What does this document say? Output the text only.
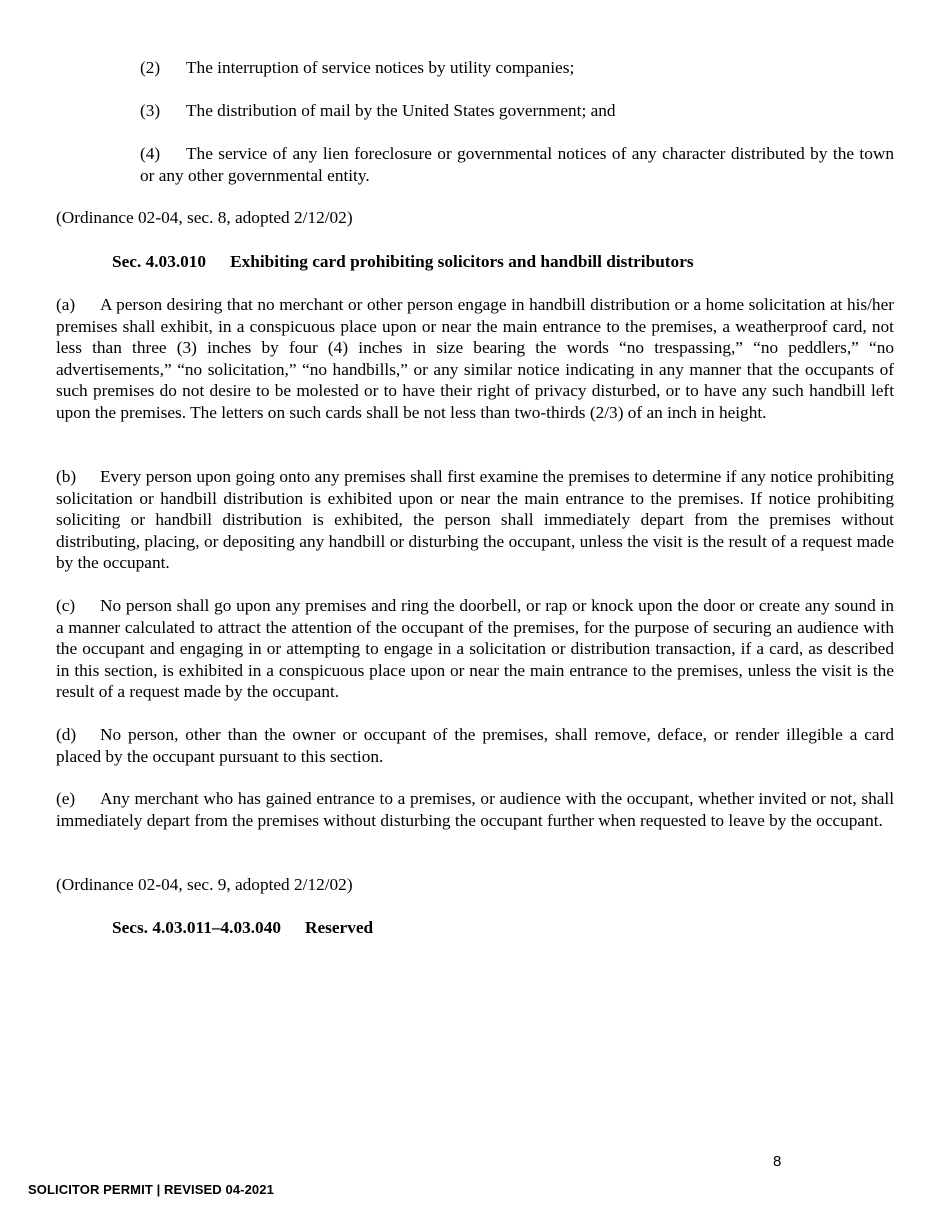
(2) The interruption of service notices by utility companies;

(3) The distribution of mail by the United States government; and

(4) The service of any lien foreclosure or governmental notices of any character distributed by the town or any other governmental entity.

(Ordinance 02-04, sec. 8, adopted 2/12/02)

Sec. 4.03.010 Exhibiting card prohibiting solicitors and handbill distributors

(a) A person desiring that no merchant or other person engage in handbill distribution or a home solicitation at his/her premises shall exhibit, in a conspicuous place upon or near the main entrance to the premises, a weatherproof card, not less than three (3) inches by four (4) inches in size bearing the words “no trespassing,” “no peddlers,” “no advertisements,” “no solicitation,” “no handbills,” or any similar notice indicating in any manner that the occupants of such premises do not desire to be molested or to have their right of privacy disturbed, or to have any such handbill left upon the premises. The letters on such cards shall be not less than two-thirds (2/3) of an inch in height.

(b) Every person upon going onto any premises shall first examine the premises to determine if any notice prohibiting solicitation or handbill distribution is exhibited upon or near the main entrance to the premises. If notice prohibiting soliciting or handbill distribution is exhibited, the person shall immediately depart from the premises without distributing, placing, or depositing any handbill or disturbing the occupant, unless the visit is the result of a request made by the occupant.

(c) No person shall go upon any premises and ring the doorbell, or rap or knock upon the door or create any sound in a manner calculated to attract the attention of the occupant of the premises, for the purpose of securing an audience with the occupant and engaging in or attempting to engage in a solicitation or distribution transaction, if a card, as described in this section, is exhibited in a conspicuous place upon or near the main entrance to the premises, unless the visit is the result of a request made by the occupant.

(d) No person, other than the owner or occupant of the premises, shall remove, deface, or render illegible a card placed by the occupant pursuant to this section.

(e) Any merchant who has gained entrance to a premises, or audience with the occupant, whether invited or not, shall immediately depart from the premises without disturbing the occupant further when requested to leave by the occupant.

(Ordinance 02-04, sec. 9, adopted 2/12/02)

Secs. 4.03.011–4.03.040 Reserved

8
SOLICITOR PERMIT | REVISED 04-2021
